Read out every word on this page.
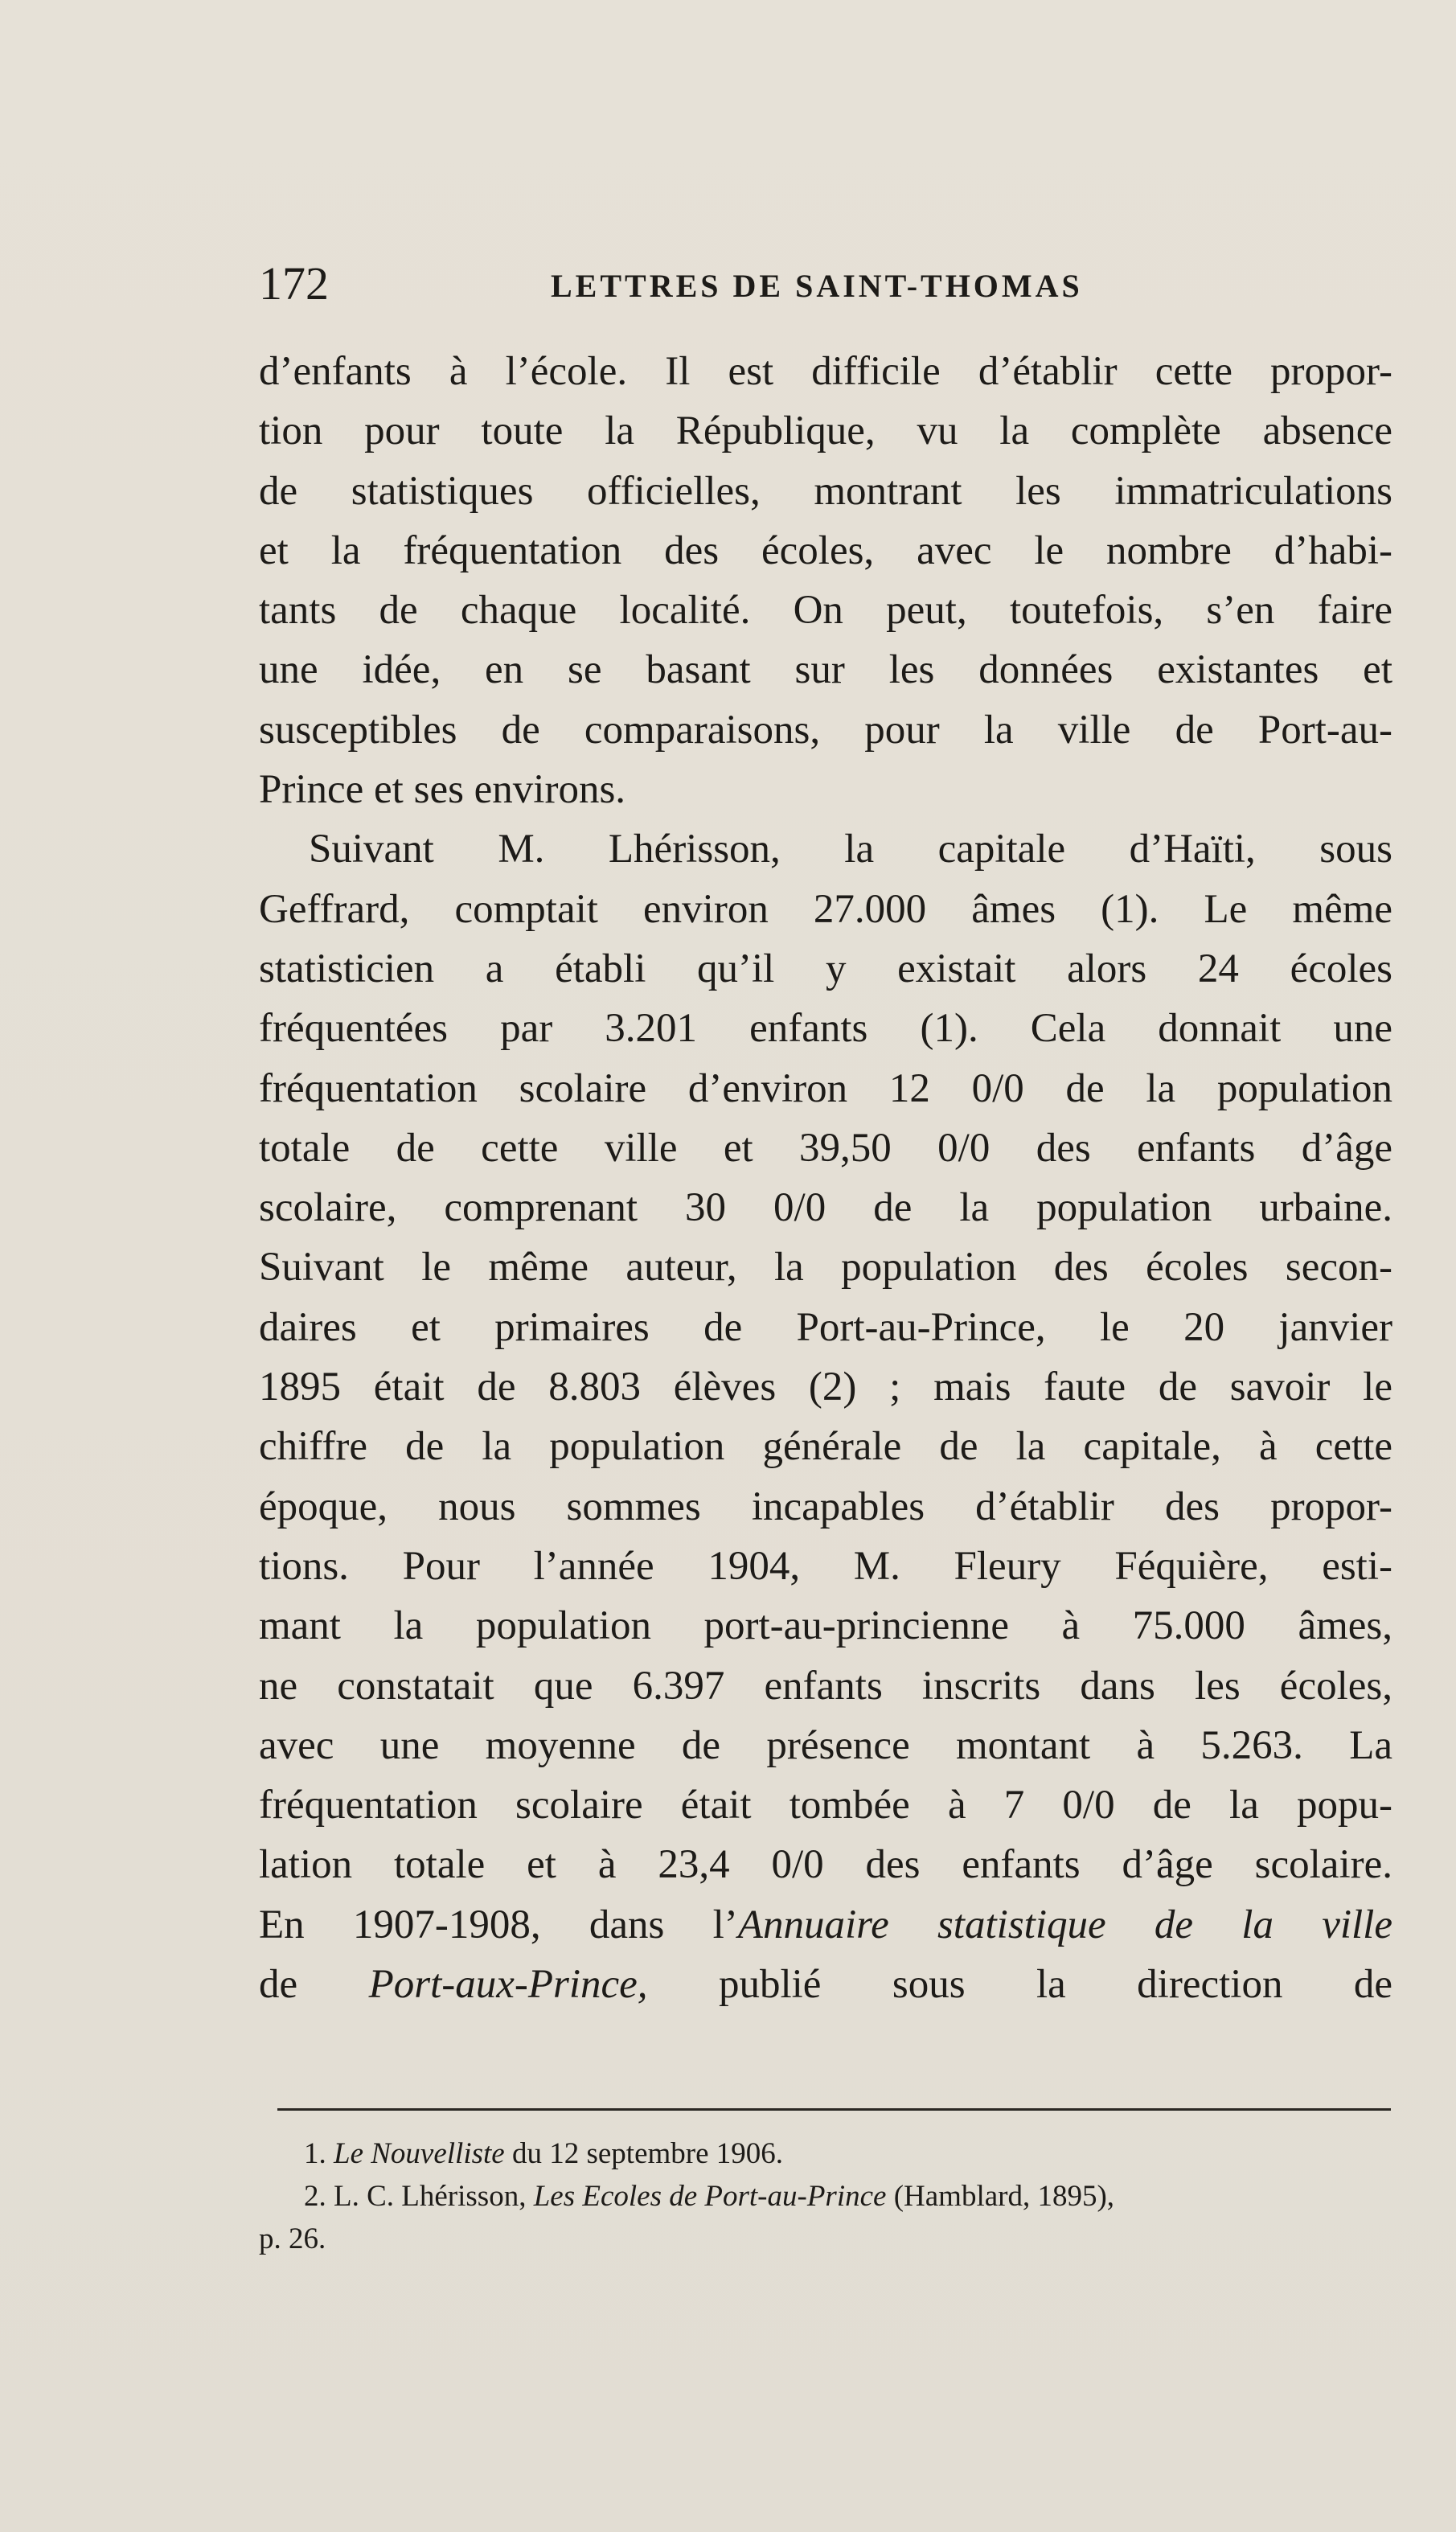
172	LETTRES DE SAINT-THOMAS
d’enfants à l’école. Il est difficile d’établir cette propor-
tion pour toute la République, vu la complète absence
de statistiques officielles, montrant les immatriculations
et la fréquentation des écoles, avec le nombre d’habi-
tants de chaque localité. On peut, toutefois, s’en faire
une idée, en se basant sur les données existantes et
susceptibles de comparaisons, pour la ville de Port-au-
Prince et ses environs.
Suivant M. Lhérisson, la capitale d’Haïti, sous
Geffrard, comptait environ 27.000 âmes (1). Le même
statisticien a établi qu’il y existait alors 24 écoles
fréquentées par 3.201 enfants (1). Cela donnait une
fréquentation scolaire d’environ 12 0/0 de la population
totale de cette ville et 39,50 0/0 des enfants d’âge
scolaire, comprenant 30 0/0 de la population urbaine.
Suivant le même auteur, la population des écoles secon-
daires et primaires de Port-au-Prince, le 20 janvier
1895 était de 8.803 élèves (2) ; mais faute de savoir le
chiffre de la population générale de la capitale, à cette
époque, nous sommes incapables d’établir des propor-
tions. Pour l’année 1904, M. Fleury Féquière, esti-
mant la population port-au-princienne à 75.000 âmes,
ne constatait que 6.397 enfants inscrits dans les écoles,
avec une moyenne de présence montant à 5.263. La
fréquentation scolaire était tombée à 7 0/0 de la popu-
lation totale et à 23,4 0/0 des enfants d’âge scolaire.
En 1907-1908, dans l’Annuaire statistique de la ville
de Port-aux-Prince, publié sous la direction de
1. Le Nouvelliste du 12 septembre 1906.
2. L. C. Lhérisson, Les Ecoles de Port-au-Prince (Hamblard, 1895),
p. 26.
